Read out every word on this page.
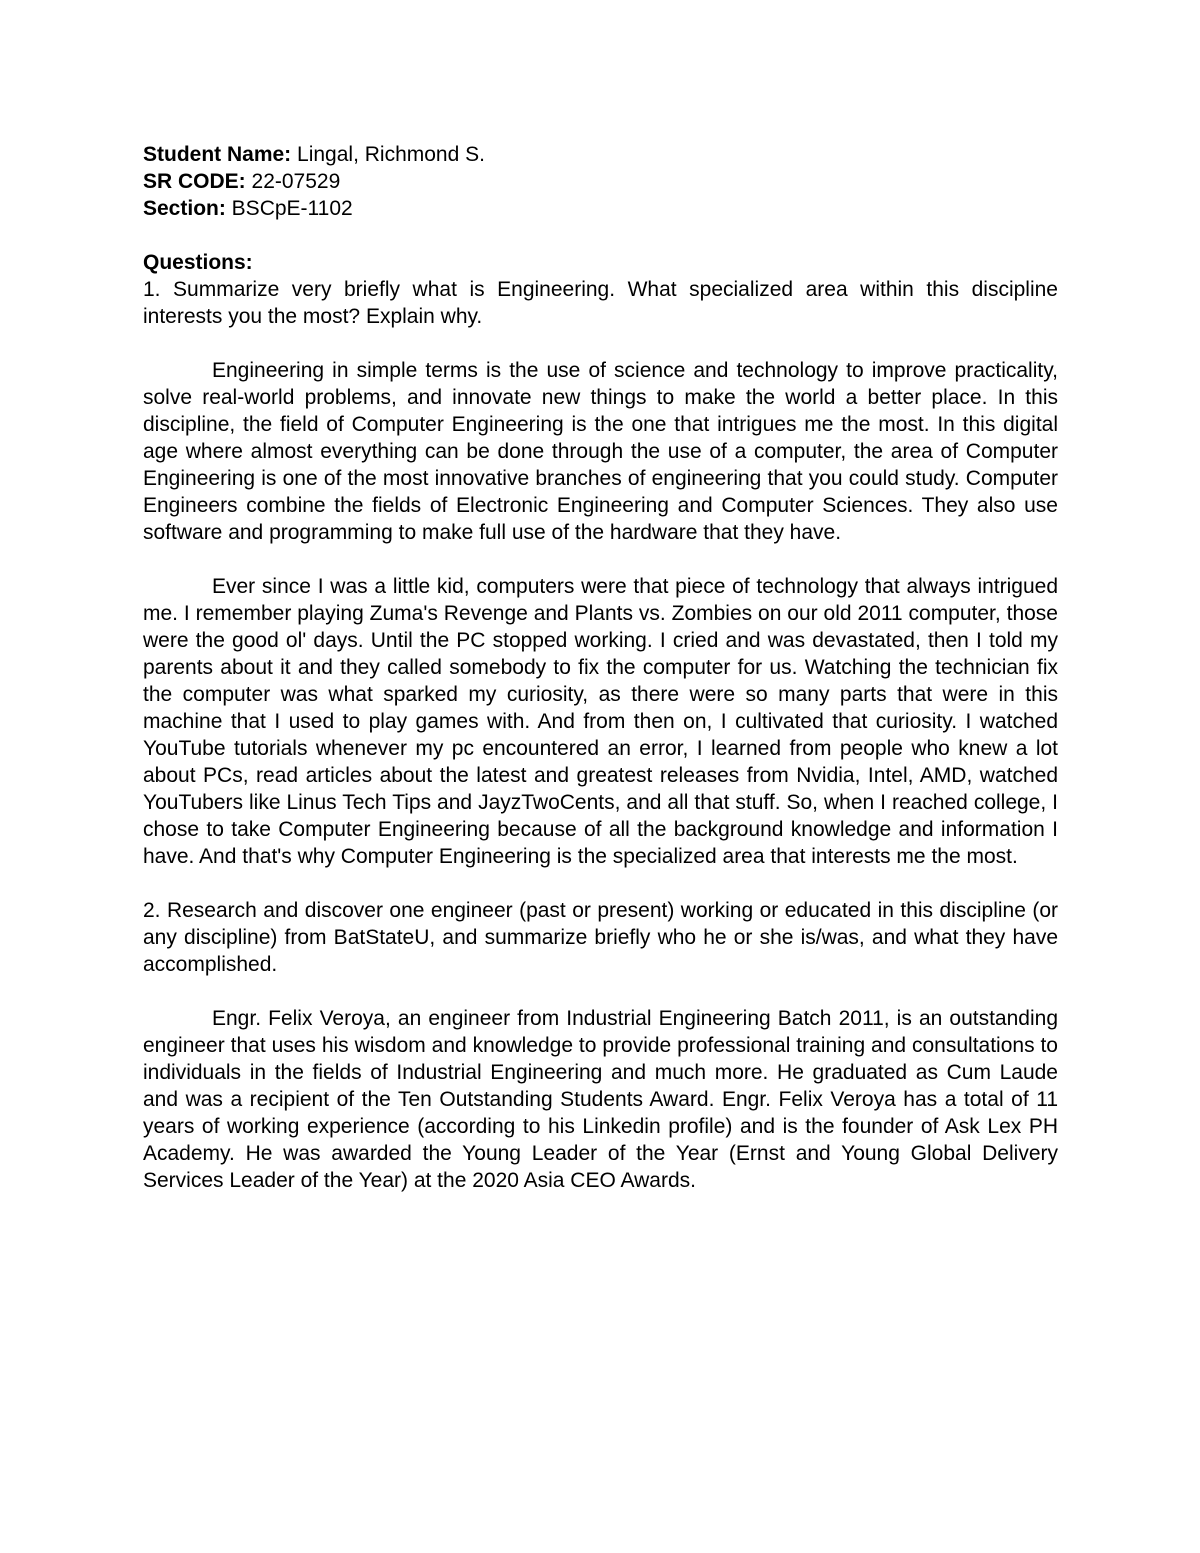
Student Name: Lingal, Richmond S.

SR CODE: 22-07529

Section: BSCpE-1102

Questions:

1. Summarize very briefly what is Engineering. What specialized area within this discipline interests you the most? Explain why.

Engineering in simple terms is the use of science and technology to improve practicality, solve real-world problems, and innovate new things to make the world a better place. In this discipline, the field of Computer Engineering is the one that intrigues me the most. In this digital age where almost everything can be done through the use of a computer, the area of Computer Engineering is one of the most innovative branches of engineering that you could study. Computer Engineers combine the fields of Electronic Engineering and Computer Sciences. They also use software and programming to make full use of the hardware that they have.

Ever since I was a little kid, computers were that piece of technology that always intrigued me. I remember playing Zuma's Revenge and Plants vs. Zombies on our old 2011 computer, those were the good ol' days. Until the PC stopped working. I cried and was devastated, then I told my parents about it and they called somebody to fix the computer for us. Watching the technician fix the computer was what sparked my curiosity, as there were so many parts that were in this machine that I used to play games with. And from then on, I cultivated that curiosity. I watched YouTube tutorials whenever my pc encountered an error, I learned from people who knew a lot about PCs, read articles about the latest and greatest releases from Nvidia, Intel, AMD, watched YouTubers like Linus Tech Tips and JayzTwoCents, and all that stuff. So, when I reached college, I chose to take Computer Engineering because of all the background knowledge and information I have. And that's why Computer Engineering is the specialized area that interests me the most.

2. Research and discover one engineer (past or present) working or educated in this discipline (or any discipline) from BatStateU, and summarize briefly who he or she is/was, and what they have accomplished.

Engr. Felix Veroya, an engineer from Industrial Engineering Batch 2011, is an outstanding engineer that uses his wisdom and knowledge to provide professional training and consultations to individuals in the fields of Industrial Engineering and much more. He graduated as Cum Laude and was a recipient of the Ten Outstanding Students Award. Engr. Felix Veroya has a total of 11 years of working experience (according to his Linkedin profile) and is the founder of Ask Lex PH Academy. He was awarded the Young Leader of the Year (Ernst and Young Global Delivery Services Leader of the Year) at the 2020 Asia CEO Awards.
